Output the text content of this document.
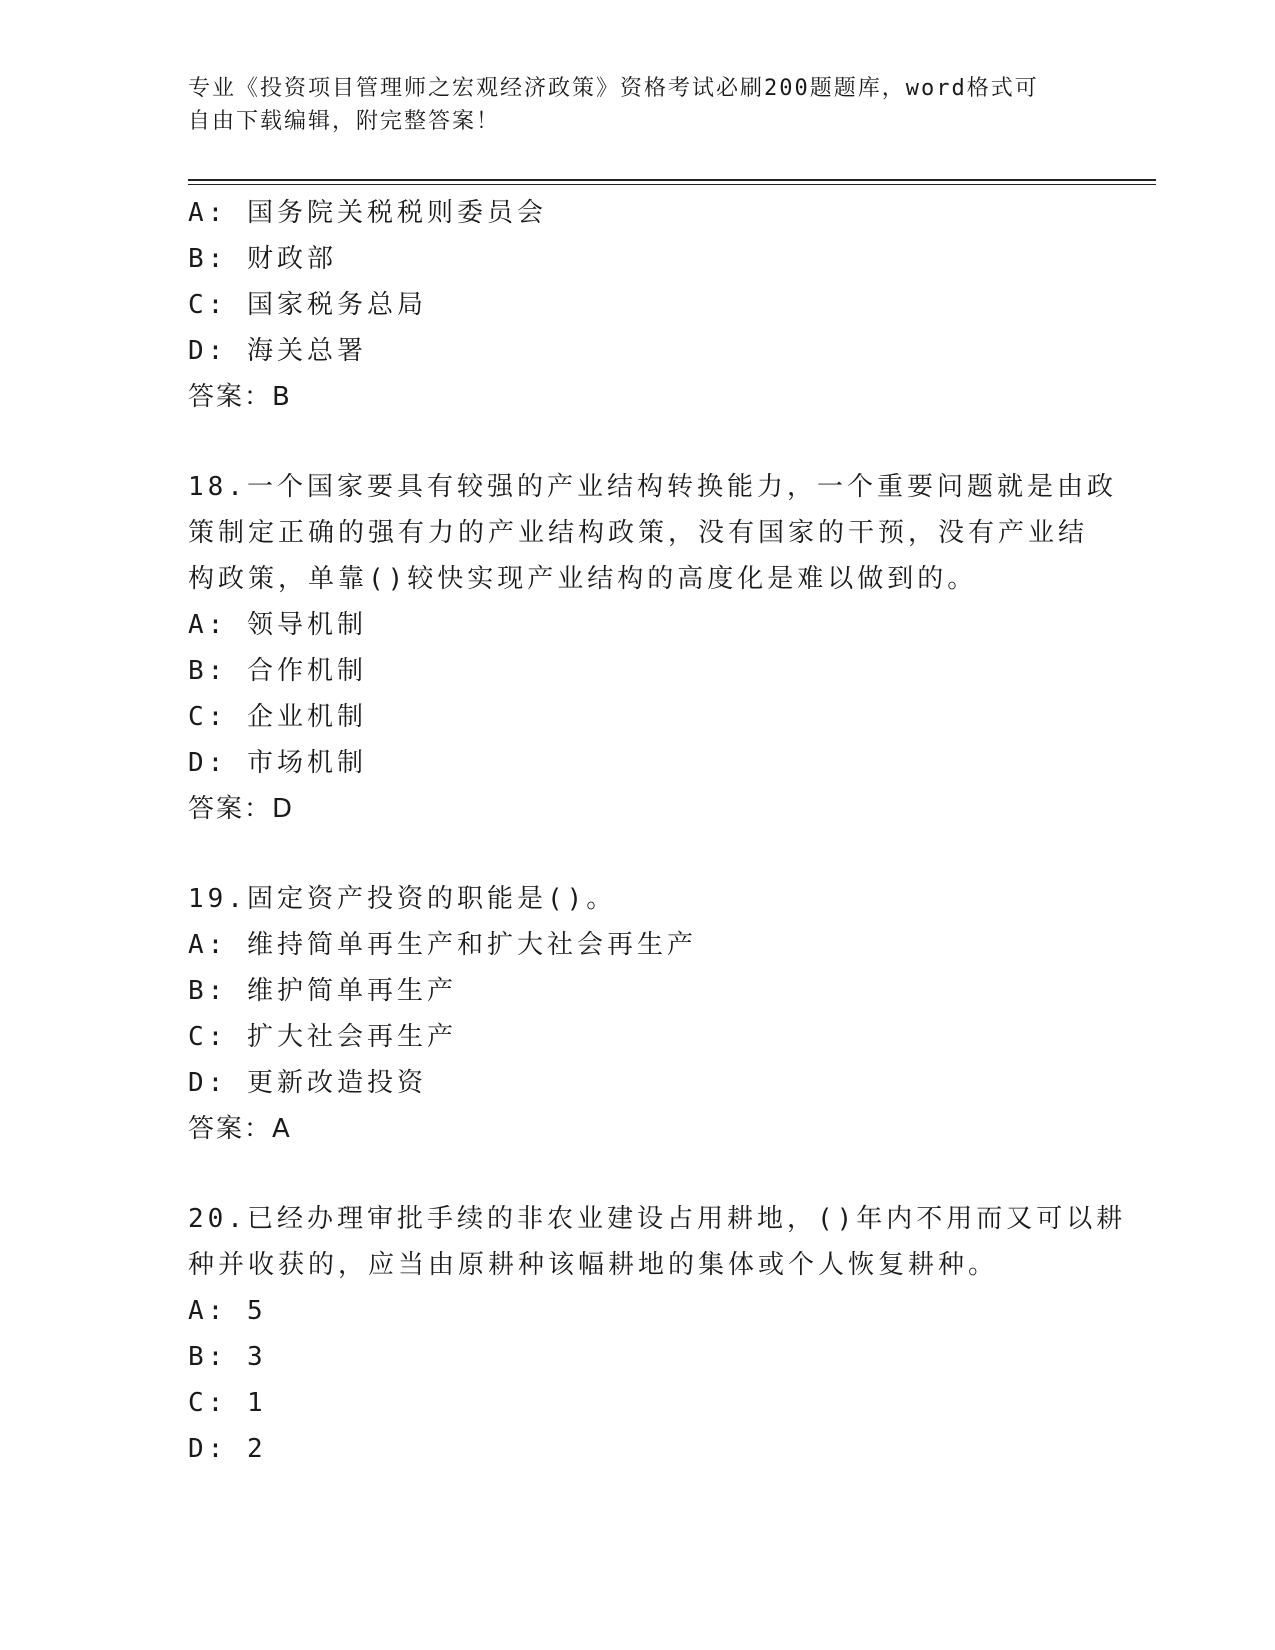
专业《投资项目管理师之宏观经济政策》资格考试必刷200题题库，word格式可
自由下载编辑，附完整答案！
A: 国务院关税税则委员会
B: 财政部
C: 国家税务总局
D: 海关总署
答案：B
18.一个国家要具有较强的产业结构转换能力，一个重要问题就是由政
策制定正确的强有力的产业结构政策，没有国家的干预，没有产业结
构政策，单靠()较快实现产业结构的高度化是难以做到的。
A: 领导机制
B: 合作机制
C: 企业机制
D: 市场机制
答案：D
19.固定资产投资的职能是()。
A: 维持简单再生产和扩大社会再生产
B: 维护简单再生产
C: 扩大社会再生产
D: 更新改造投资
答案：A
20.已经办理审批手续的非农业建设占用耕地，()年内不用而又可以耕
种并收获的，应当由原耕种该幅耕地的集体或个人恢复耕种。
A: 5
B: 3
C: 1
D: 2
